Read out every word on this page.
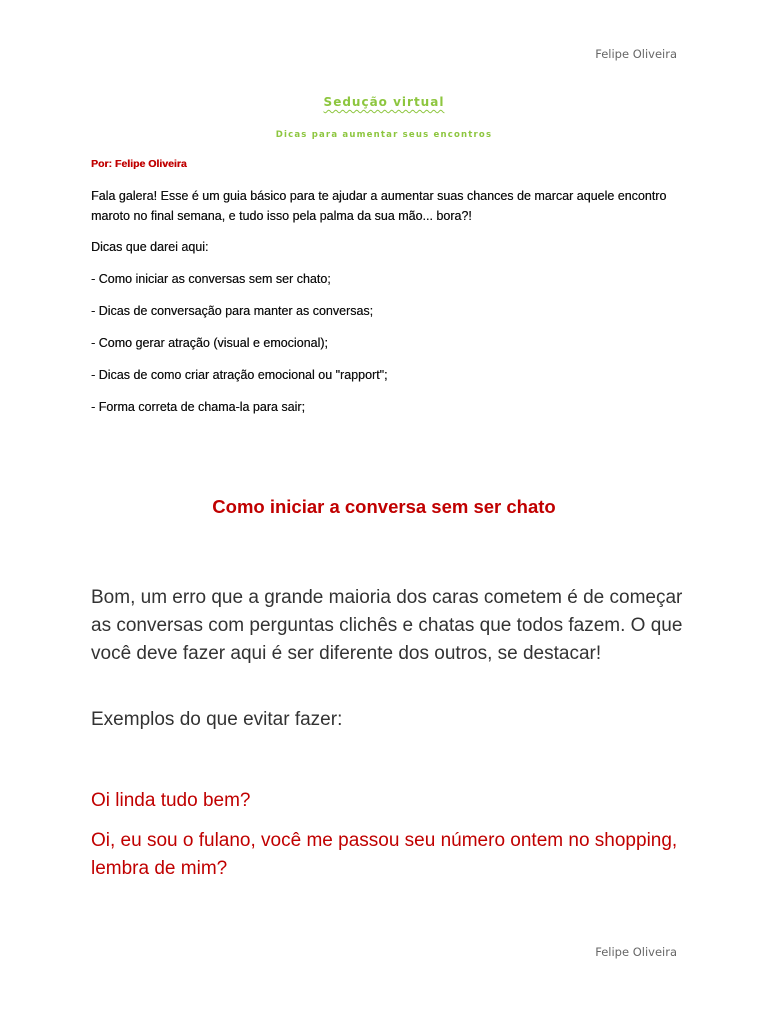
Felipe Oliveira
Sedução virtual
Dicas para aumentar seus encontros
Por: Felipe Oliveira
Fala galera! Esse é um guia básico para te ajudar a aumentar suas chances de marcar aquele encontro maroto no final semana, e tudo isso pela palma da sua mão... bora?!
Dicas que darei aqui:
- Como iniciar as conversas sem ser chato;
- Dicas de conversação para manter as conversas;
- Como gerar atração (visual e emocional);
- Dicas de como criar atração emocional ou "rapport";
- Forma correta de chama-la para sair;
Como iniciar a conversa sem ser chato
Bom, um erro que a grande maioria dos caras cometem é de começar as conversas com perguntas clichês e chatas que todos fazem. O que você deve fazer aqui é ser diferente dos outros, se destacar!
Exemplos do que evitar fazer:
Oi linda tudo bem?
Oi, eu sou o fulano, você me passou seu número ontem no shopping, lembra de mim?
Felipe Oliveira
